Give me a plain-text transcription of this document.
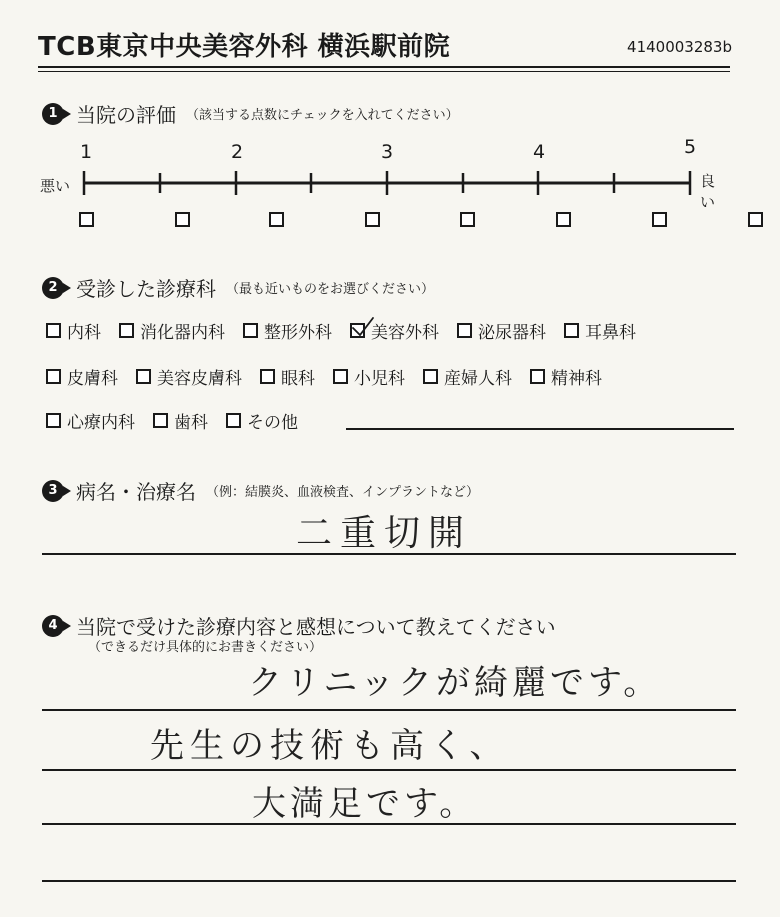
TCB東京中央美容外科 横浜駅前院	4140003283b
1 当院の評価 （該当する点数にチェックを入れてください）
1	2	3	4	5
悪い	良い

2 受診した診療科 （最も近いものをお選びください）
内科 消化器内科 整形外科 美容外科 泌尿器科 耳鼻科
皮膚科 美容皮膚科 眼科 小児科 産婦人科 精神科
心療内科 歯科 その他
3 病名・治療名 （例：結膜炎、血液検査、インプラントなど）
二重切開
4 当院で受けた診療内容と感想について教えてください
（できるだけ具体的にお書きください）
クリニックが綺麗です。
先生の技術も高く、
大満足です。
